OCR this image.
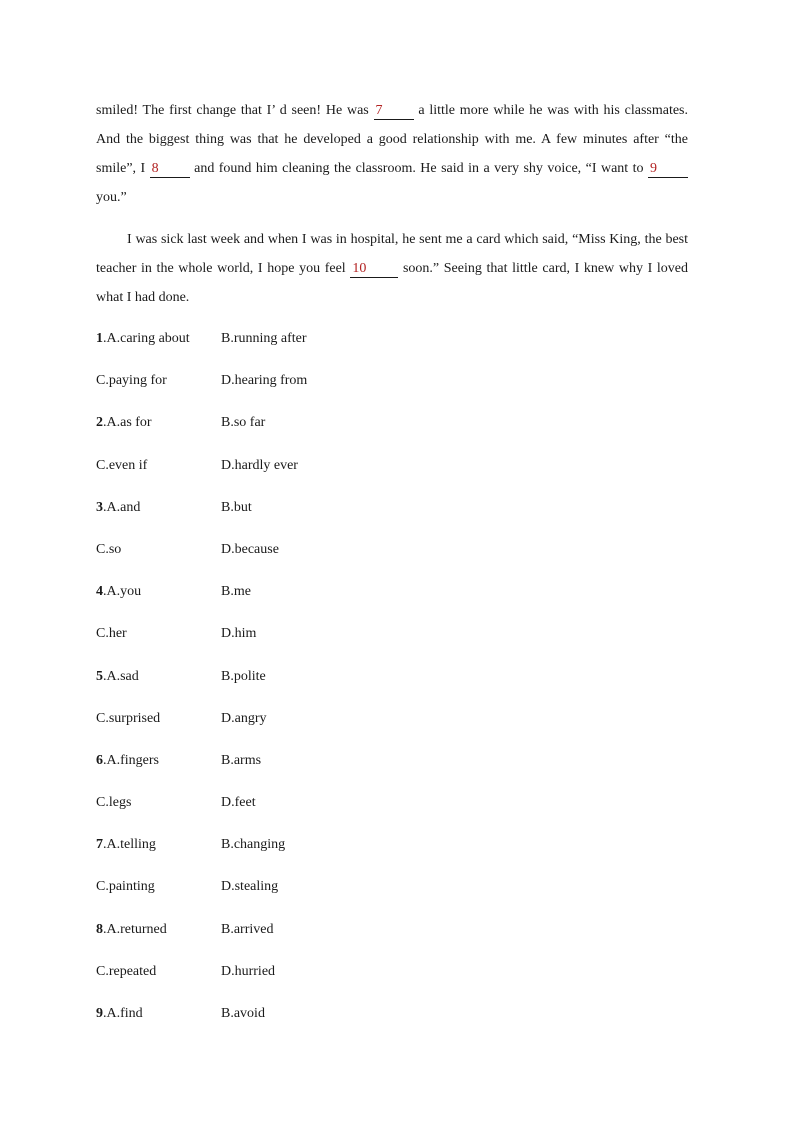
smiled! The first change that I’ d seen! He was 7 a little more while he was with his classmates. And the biggest thing was that he developed a good relationship with me. A few minutes after “the smile”, I 8 and found him cleaning the classroom. He said in a very shy voice, “I want to 9 you.”

I was sick last week and when I was in hospital, he sent me a card which said, “Miss King, the best teacher in the whole world, I hope you feel 10 soon.” Seeing that little card, I knew why I loved what I had done.

1.A.caring about B.running after
C.paying for	D.hearing from
2.A.as for	B.so far
C.even if	D.hardly ever
3.A.and	B.but
C.so	D.because
4.A.you	B.me
C.her	D.him
5.A.sad	B.polite
C.surprised	D.angry
6.A.fingers	B.arms
C.legs	D.feet
7.A.telling	B.changing
C.painting	D.stealing
8.A.returned	B.arrived
C.repeated	D.hurried
9.A.find	B.avoid
